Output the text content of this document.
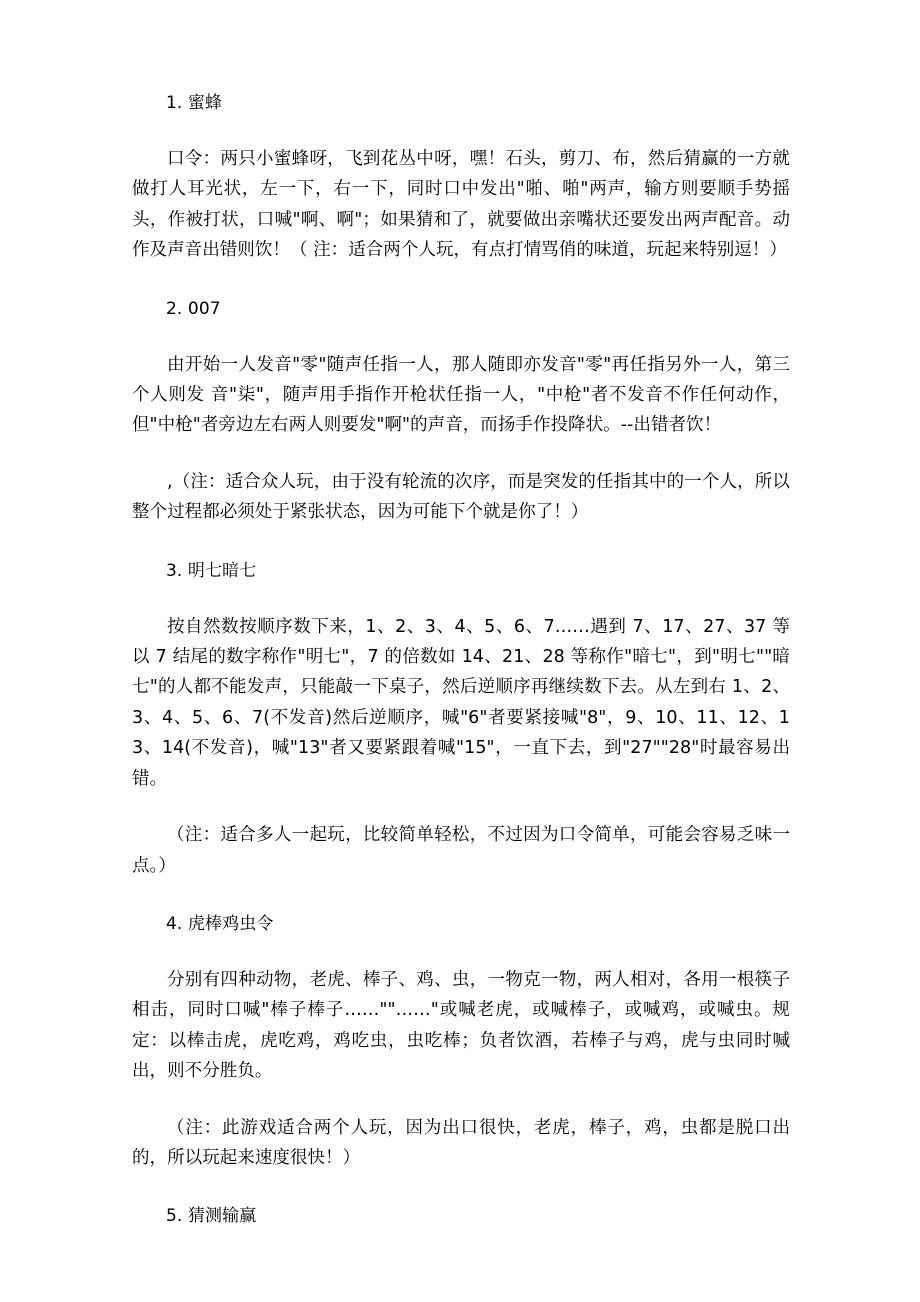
1. 蜜蜂
口令：两只小蜜蜂呀，飞到花丛中呀，嘿！石头，剪刀、布，然后猜赢的一方就做打人耳光状，左一下，右一下，同时口中发出"啪、啪"两声，输方则要顺手势摇头，作被打状，口喊"啊、啊"；如果猜和了，就要做出亲嘴状还要发出两声配音。动作及声音出错则饮！（ 注：适合两个人玩，有点打情骂俏的味道，玩起来特别逗！）
2. 007
由开始一人发音"零"随声任指一人，那人随即亦发音"零"再任指另外一人，第三个人则发 音"柒"，随声用手指作开枪状任指一人，"中枪"者不发音不作任何动作，但"中枪"者旁边左右两人则要发"啊"的声音，而扬手作投降状。--出错者饮！
,（注：适合众人玩，由于没有轮流的次序，而是突发的任指其中的一个人，所以整个过程都必须处于紧张状态，因为可能下个就是你了！）
3. 明七暗七
按自然数按顺序数下来，1、2、3、4、5、6、7……遇到 7、17、27、37 等以 7 结尾的数字称作"明七"，7 的倍数如 14、21、28 等称作"暗七"，到"明七""暗七"的人都不能发声，只能敲一下桌子，然后逆顺序再继续数下去。从左到右 1、2、3、4、5、6、7(不发音)然后逆顺序，喊"6"者要紧接喊"8"，9、10、11、12、13、14(不发音)，喊"13"者又要紧跟着喊"15"，一直下去，到"27""28"时最容易出错。
（注：适合多人一起玩，比较简单轻松，不过因为口令简单，可能会容易乏味一点。）
4. 虎棒鸡虫令
分别有四种动物，老虎、棒子、鸡、虫，一物克一物，两人相对，各用一根筷子相击，同时口喊"棒子棒子……""……"或喊老虎，或喊棒子，或喊鸡，或喊虫。规定：以棒击虎，虎吃鸡，鸡吃虫，虫吃棒；负者饮酒，若棒子与鸡，虎与虫同时喊出，则不分胜负。
（注：此游戏适合两个人玩，因为出口很快，老虎，棒子，鸡，虫都是脱口出的，所以玩起来速度很快！）
5. 猜测输赢
